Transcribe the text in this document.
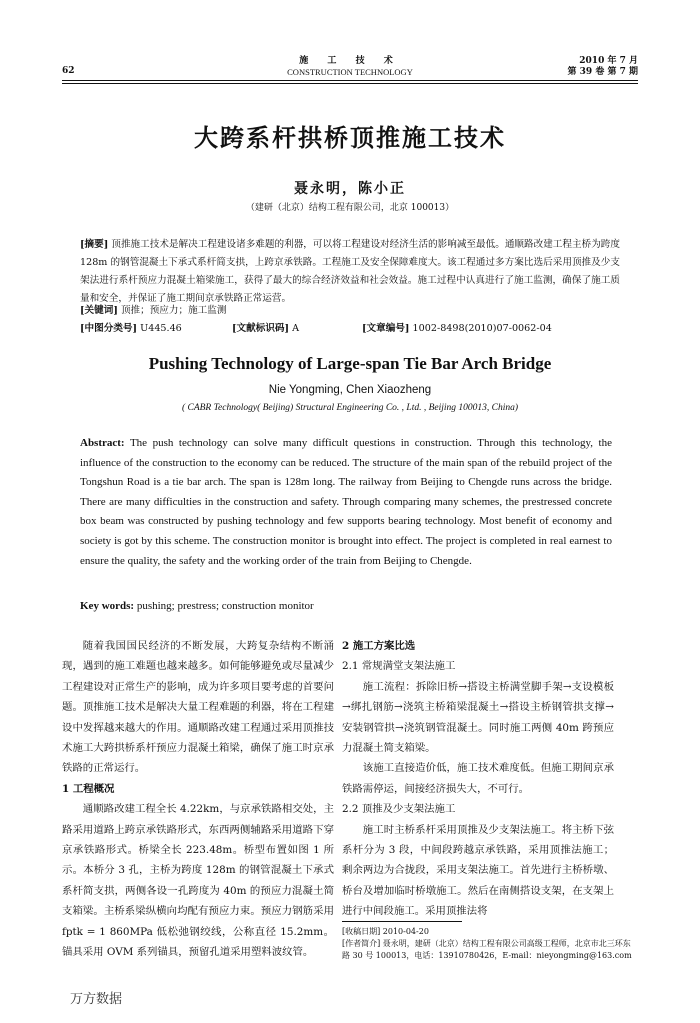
62
施 工 技 术
CONSTRUCTION TECHNOLOGY
2010 年 7 月
第 39 卷 第 7 期
大跨系杆拱桥顶推施工技术
聂永明，陈小正
（建研（北京）结构工程有限公司，北京 100013）
[摘要] 顶推施工技术是解决工程建设诸多难题的利器，可以将工程建设对经济生活的影响减至最低。通顺路改建工程主桥为跨度 128m 的钢管混凝土下承式系杆简支拱，上跨京承铁路。工程施工及安全保障难度大。该工程通过多方案比选后采用顶推及少支架法进行系杆预应力混凝土箱梁施工，获得了最大的综合经济效益和社会效益。施工过程中认真进行了施工监测，确保了施工质量和安全，并保证了施工期间京承铁路正常运营。
[关键词] 顶推；预应力；施工监测
[中图分类号] U445.46	[文献标识码] A	[文章编号] 1002-8498(2010)07-0062-04
Pushing Technology of Large-span Tie Bar Arch Bridge
Nie Yongming, Chen Xiaozheng
( CABR Technology( Beijing) Structural Engineering Co. , Ltd. , Beijing 100013, China)
Abstract: The push technology can solve many difficult questions in construction. Through this technology, the influence of the construction to the economy can be reduced. The structure of the main span of the rebuild project of the Tongshun Road is a tie bar arch. The span is 128m long. The railway from Beijing to Chengde runs across the bridge. There are many difficulties in the construction and safety. Through comparing many schemes, the prestressed concrete box beam was constructed by pushing technology and few supports bearing technology. Most benefit of economy and society is got by this scheme. The construction monitor is brought into effect. The project is completed in real earnest to ensure the quality, the safety and the working order of the train from Beijing to Chengde.
Key words: pushing; prestress; construction monitor

随着我国国民经济的不断发展，大跨复杂结构不断涌现，遇到的施工难题也越来越多。如何能够避免或尽量减少工程建设对正常生产的影响，成为许多项目要考虑的首要问题。顶推施工技术是解决大量工程难题的利器，将在工程建设中发挥越来越大的作用。通顺路改建工程通过采用顶推技术施工大跨拱桥系杆预应力混凝土箱梁，确保了施工时京承铁路的正常运行。

1 工程概况

通顺路改建工程全长 4.22km，与京承铁路相交处，主路采用道路上跨京承铁路形式，东西两侧辅路采用道路下穿京承铁路形式。桥梁全长 223.48m。桥型布置如图 1 所示。本桥分 3 孔，主桥为跨度 128m 的钢管混凝土下承式系杆简支拱，两侧各设一孔跨度为 40m 的预应力混凝土简支箱梁。主桥系梁纵横向均配有预应力束。预应力钢筋采用 fptk = 1 860MPa 低松弛钢绞线，公称直径 15.2mm。锚具采用 OVM 系列锚具，预留孔道采用塑料波纹管。

2 施工方案比选
2.1 常规满堂支架法施工

施工流程：拆除旧桥→搭设主桥满堂脚手架→支设模板→绑扎钢筋→浇筑主桥箱梁混凝土→搭设主桥钢管拱支撑→安装钢管拱→浇筑钢管混凝土。同时施工两侧 40m 跨预应力混凝土简支箱梁。

该施工直接造价低，施工技术难度低。但施工期间京承铁路需停运，间接经济损失大，不可行。

2.2 顶推及少支架法施工

施工时主桥系杆采用顶推及少支架法施工。将主桥下弦系杆分为 3 段，中间段跨越京承铁路，采用顶推法施工；剩余两边为合拢段，采用支架法施工。首先进行主桥桥墩、桥台及增加临时桥墩施工。然后在南侧搭设支架，在支架上进行中间段施工。采用顶推法将

[收稿日期] 2010-04-20

[作者简介] 聂永明，建研（北京）结构工程有限公司高级工程师，北京市北三环东路 30 号 100013，电话：13910780426，E-mail：nieyongming@163.com

万方数据
